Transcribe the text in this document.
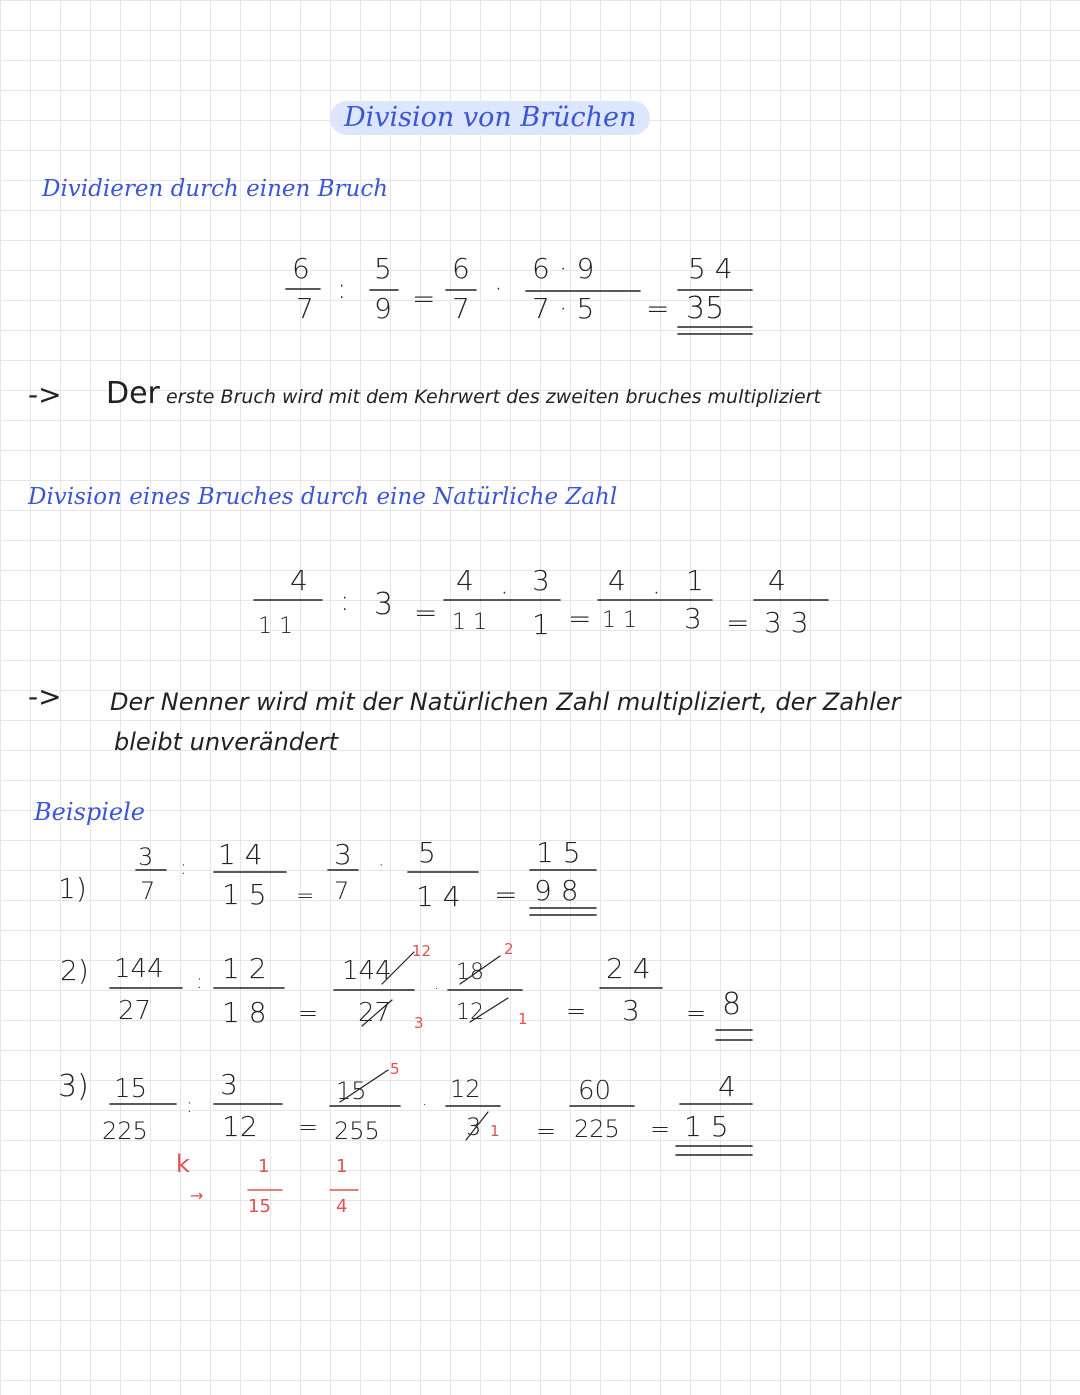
Division von Brüchen
Dividieren durch einen Bruch
6
7
:
5
9 =
6
7
·
6 · 9
7 · 5 =
5 4
35
-> Der erste Bruch wird mit dem Kehrwert des zweiten bruches multipliziert
Division eines Bruches durch eine Natürliche Zahl
4
1 1
: 3 =
4
1 1
· 3
1 =
4
1 1
· 1
3 =
4
3 3
-> Der Nenner wird mit der Natürlichen Zahl multipliziert, der Zahler
bleibt unverändert
Beispiele
1)
3
7
: 1 4
1 5 =
3
7
· 5
1 4 =
1 5
9 8
2) 144
27
: 1 2
1 8 =
144
12
27 3
·
18
2
12 1 =
2 4
3 = 8
3) 15
225
:
3
12
k
→
1
15
=
15
5
255
1
4
·
12
3 1 =
60
225 =
4
1 5
